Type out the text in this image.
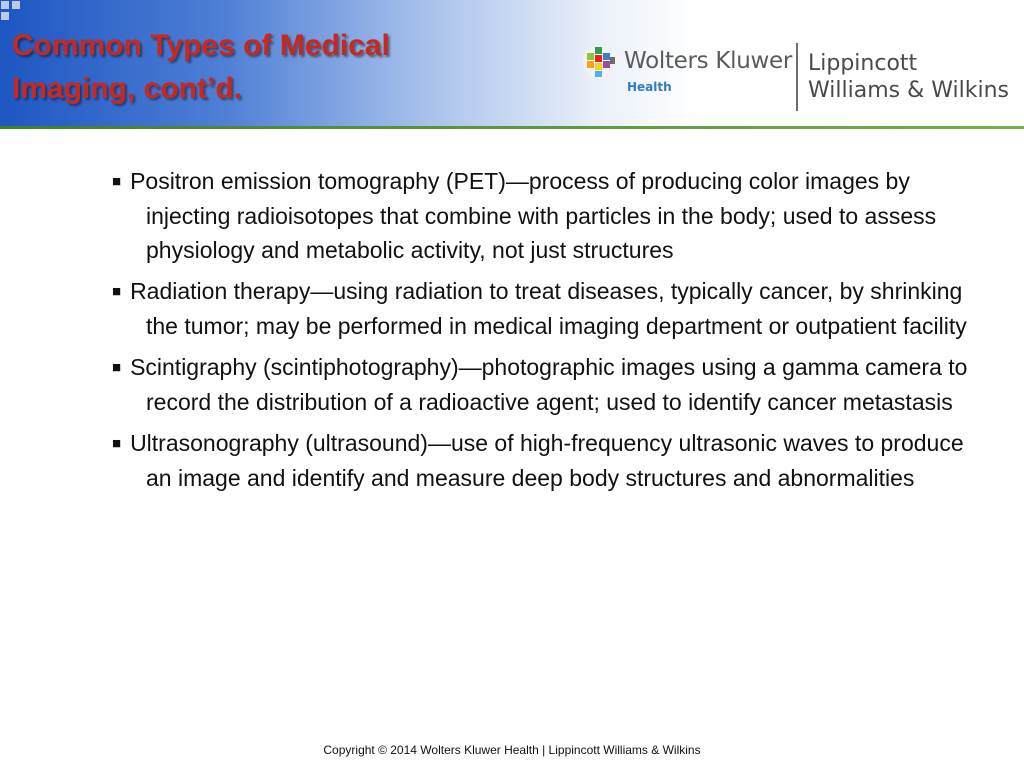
Common Types of Medical
Imaging, cont’d.
Wolters Kluwer
Health
Lippincott
Williams & Wilkins

■ Positron emission tomography (PET)—process of producing color images by injecting radioisotopes that combine with particles in the body; used to assess physiology and metabolic activity, not just structures

■ Radiation therapy—using radiation to treat diseases, typically cancer, by shrinking the tumor; may be performed in medical imaging department or outpatient facility

■ Scintigraphy (scintiphotography)—photographic images using a gamma camera to record the distribution of a radioactive agent; used to identify cancer metastasis

■ Ultrasonography (ultrasound)—use of high-frequency ultrasonic waves to produce an image and identify and measure deep body structures and abnormalities

Copyright © 2014 Wolters Kluwer Health | Lippincott Williams & Wilkins
